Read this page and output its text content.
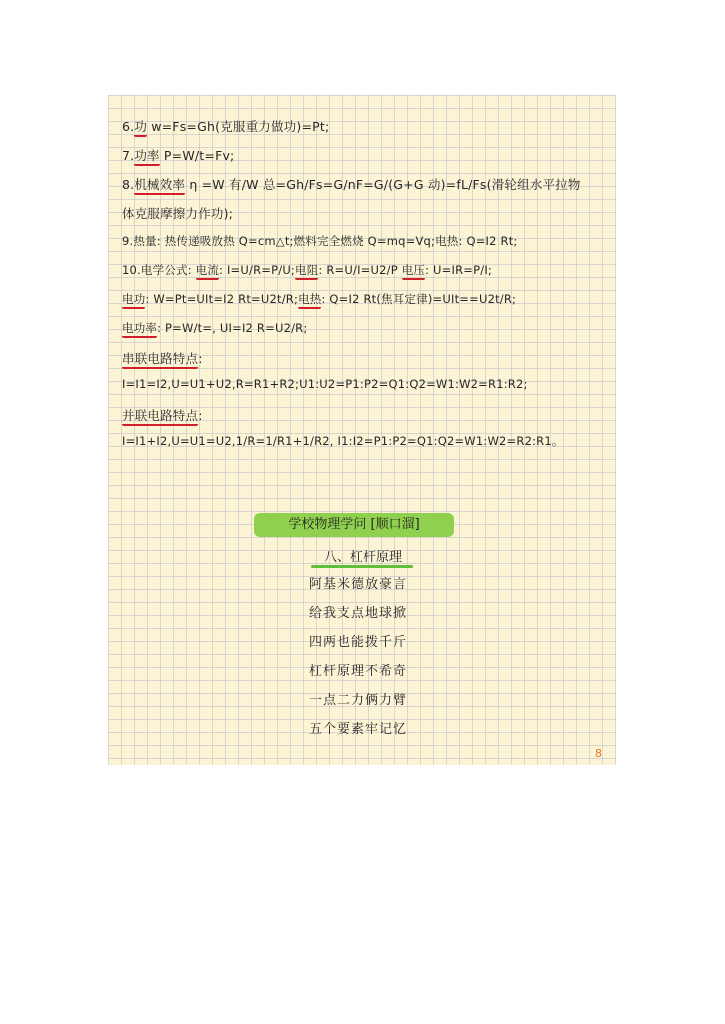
6.功 w=Fs=Gh(克服重力做功)=Pt;
7.功率 P=W/t=Fv;
8.机械效率 η =W 有/W 总=Gh/Fs=G/nF=G/(G+G 动)=fL/Fs(滑轮组水平拉物
体克服摩擦力作功);
9.热量: 热传递吸放热 Q=cm△t;燃料完全燃烧 Q=mq=Vq;电热: Q=I2 Rt;
10.电学公式: 电流: I=U/R=P/U;电阻: R=U/I=U2/P 电压: U=IR=P/I;
电功: W=Pt=UIt=I2 Rt=U2t/R;电热: Q=I2 Rt(焦耳定律)=UIt==U2t/R;
电功率: P=W/t=, UI=I2 R=U2/R;
串联电路特点:
I=I1=I2,U=U1+U2,R=R1+R2;U1:U2=P1:P2=Q1:Q2=W1:W2=R1:R2;
并联电路特点:
I=I1+I2,U=U1=U2,1/R=1/R1+1/R2, I1:I2=P1:P2=Q1:Q2=W1:W2=R2:R1。
学校物理学问 [顺口溜]
八、杠杆原理
阿基米德放豪言
给我支点地球掀
四两也能拨千斤
杠杆原理不希奇
一点二力俩力臂
五个要素牢记忆
8
